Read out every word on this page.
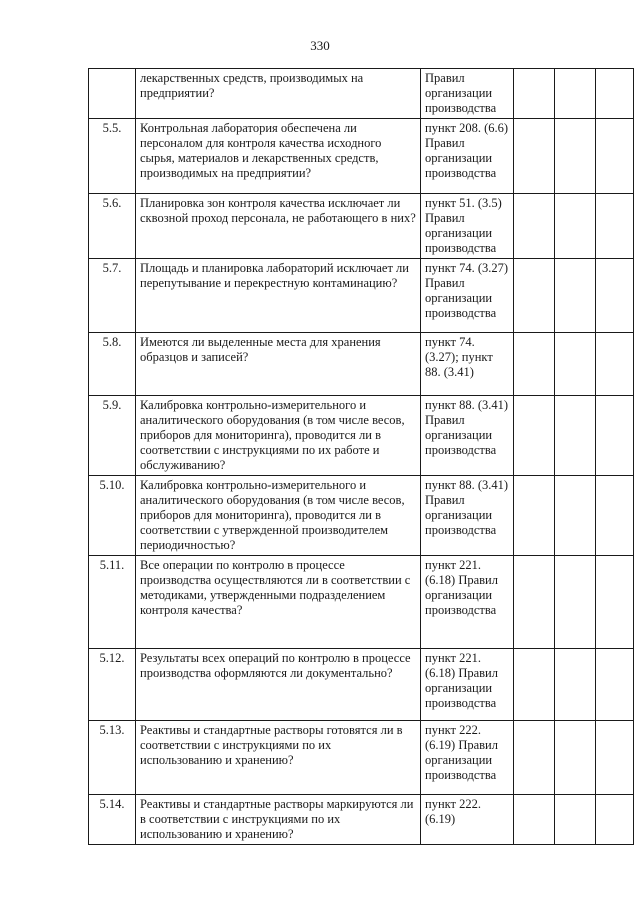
330
	лекарственных средств, производимых на предприятии?	Правил организации производства			
5.5.	Контрольная лаборатория обеспечена ли персоналом для контроля качества исходного сырья, материалов и лекарственных средств, производимых на предприятии?	пункт 208. (6.6) Правил организации производства			
5.6.	Планировка зон контроля качества исключает ли сквозной проход персонала, не работающего в них?	пункт 51. (3.5) Правил организации производства			
5.7.	Площадь и планировка лабораторий исключает ли перепутывание и перекрестную контаминацию?	пункт 74. (3.27) Правил организации производства			
5.8.	Имеются ли выделенные места для хранения образцов и записей?	пункт 74. (3.27); пункт 88. (3.41)			
5.9.	Калибровка контрольно-измерительного и аналитического оборудования (в том числе весов, приборов для мониторинга), проводится ли в соответствии с инструкциями по их работе и обслуживанию?	пункт 88. (3.41) Правил организации производства			
5.10.	Калибровка контрольно-измерительного и аналитического оборудования (в том числе весов, приборов для мониторинга), проводится ли в соответствии с утвержденной производителем периодичностью?	пункт 88. (3.41) Правил организации производства			
5.11.	Все операции по контролю в процессе производства осуществляются ли в соответствии с методиками, утвержденными подразделением контроля качества?	пункт 221. (6.18) Правил организации производства			
5.12.	Результаты всех операций по контролю в процессе производства оформляются ли документально?	пункт 221. (6.18) Правил организации производства			
5.13.	Реактивы и стандартные растворы готовятся ли в соответствии с инструкциями по их использованию и хранению?	пункт 222. (6.19) Правил организации производства			
5.14.	Реактивы и стандартные растворы маркируются ли в соответствии с инструкциями по их использованию и хранению?	пункт 222. (6.19)			
